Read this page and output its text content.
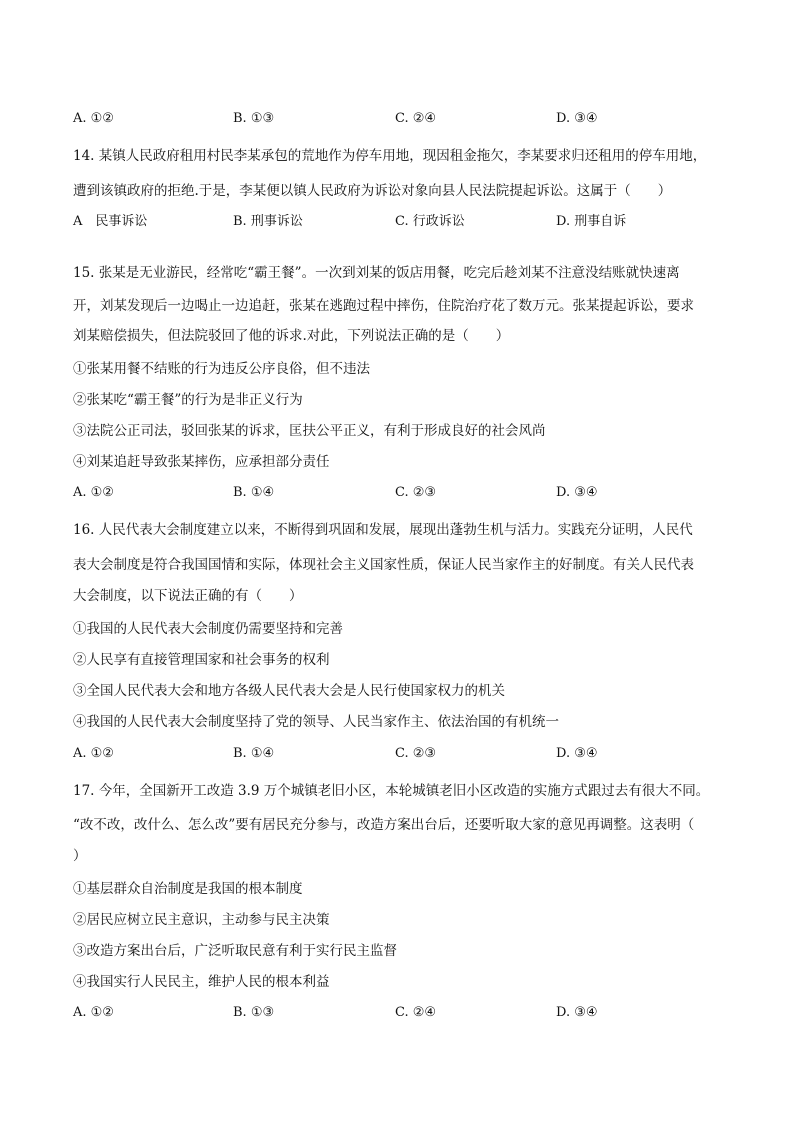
A. ①②	B. ①③	C. ②④	D. ③④
14. 某镇人民政府租用村民李某承包的荒地作为停车用地，现因租金拖欠，李某要求归还租用的停车用地，
遭到该镇政府的拒绝.于是，李某便以镇人民政府为诉讼对象向县人民法院提起诉讼。这属于（　　）
A　民事诉讼	B. 刑事诉讼	C. 行政诉讼	D. 刑事自诉
15. 张某是无业游民，经常吃“霸王餐”。一次到刘某的饭店用餐，吃完后趁刘某不注意没结账就快速离
开，刘某发现后一边喝止一边追赶，张某在逃跑过程中摔伤，住院治疗花了数万元。张某提起诉讼，要求
刘某赔偿损失，但法院驳回了他的诉求.对此，下列说法正确的是（　　）
①张某用餐不结账的行为违反公序良俗，但不违法
②张某吃“霸王餐”的行为是非正义行为
③法院公正司法，驳回张某的诉求，匡扶公平正义，有利于形成良好的社会风尚
④刘某追赶导致张某摔伤，应承担部分责任
A. ①②	B. ①④	C. ②③	D. ③④
16. 人民代表大会制度建立以来，不断得到巩固和发展，展现出蓬勃生机与活力。实践充分证明，人民代
表大会制度是符合我国国情和实际，体现社会主义国家性质，保证人民当家作主的好制度。有关人民代表
大会制度，以下说法正确的有（　　）
①我国的人民代表大会制度仍需要坚持和完善
②人民享有直接管理国家和社会事务的权利
③全国人民代表大会和地方各级人民代表大会是人民行使国家权力的机关
④我国的人民代表大会制度坚持了党的领导、人民当家作主、依法治国的有机统一
A. ①②	B. ①④	C. ②③	D. ③④
17. 今年，全国新开工改造 3.9 万个城镇老旧小区，本轮城镇老旧小区改造的实施方式跟过去有很大不同。
“改不改，改什么、怎么改”要有居民充分参与，改造方案出台后，还要听取大家的意见再调整。这表明（
）
①基层群众自治制度是我国的根本制度
②居民应树立民主意识，主动参与民主决策
③改造方案出台后，广泛听取民意有利于实行民主监督
④我国实行人民民主，维护人民的根本利益
A. ①②	B. ①③	C. ②④	D. ③④
